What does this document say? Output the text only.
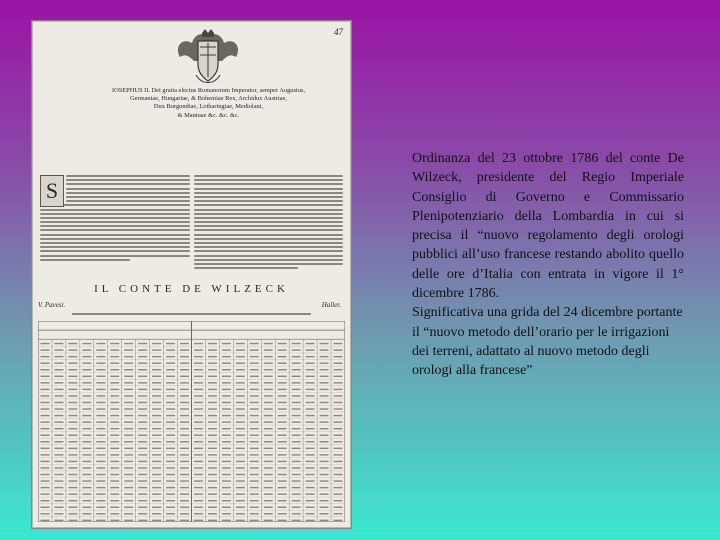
47
IOSEPHUS II. Dei gratia electus Romanorum Imperator, semper Augustus,
Germaniae, Hungariae, & Bohemiae Rex, Archidux Austriae,
Dux Burgundiae, Lotharingiae, Mediolani,
& Mantuae &c. &c. &c.
S
IL CONTE DE WILZECK
V. Pavesi.	Haller.

Ordinanza del 23 ottobre 1786 del conte De Wilzeck, presidente del Regio Imperiale Consiglio di Governo e Commissario Plenipotenziario della Lombardia in cui si precisa il “nuovo regolamento degli orologi pubblici all’uso francese restando abolito quello delle ore d’Italia con entrata in vigore il 1° dicembre 1786.

Significativa una grida del 24 dicembre portante il “nuovo metodo dell’orario per le irrigazioni dei terreni, adattato al nuovo metodo degli orologi alla francese”
